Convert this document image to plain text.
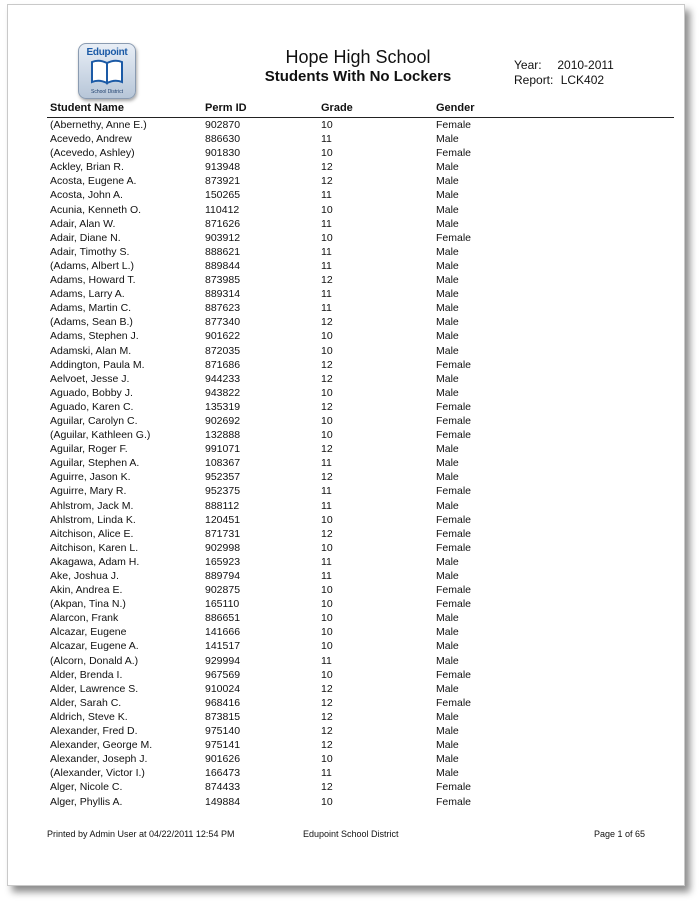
Edupoint
School District
Hope High School
Students With No Lockers
Year: 2010-2011
Report: LCK402
Student Name	Perm ID	Grade	Gender
(Abernethy, Anne E.)	902870	10	Female
Acevedo, Andrew	886630	11	Male
(Acevedo, Ashley)	901830	10	Female
Ackley, Brian R.	913948	12	Male
Acosta, Eugene A.	873921	12	Male
Acosta, John A.	150265	11	Male
Acunia, Kenneth O.	110412	10	Male
Adair, Alan W.	871626	11	Male
Adair, Diane N.	903912	10	Female
Adair, Timothy S.	888621	11	Male
(Adams, Albert L.)	889844	11	Male
Adams, Howard T.	873985	12	Male
Adams, Larry A.	889314	11	Male
Adams, Martin C.	887623	11	Male
(Adams, Sean B.)	877340	12	Male
Adams, Stephen J.	901622	10	Male
Adamski, Alan M.	872035	10	Male
Addington, Paula M.	871686	12	Female
Aelvoet, Jesse J.	944233	12	Male
Aguado, Bobby J.	943822	10	Male
Aguado, Karen C.	135319	12	Female
Aguilar, Carolyn C.	902692	10	Female
(Aguilar, Kathleen G.)	132888	10	Female
Aguilar, Roger F.	991071	12	Male
Aguilar, Stephen A.	108367	11	Male
Aguirre, Jason K.	952357	12	Male
Aguirre, Mary R.	952375	11	Female
Ahlstrom, Jack M.	888112	11	Male
Ahlstrom, Linda K.	120451	10	Female
Aitchison, Alice E.	871731	12	Female
Aitchison, Karen L.	902998	10	Female
Akagawa, Adam H.	165923	11	Male
Ake, Joshua J.	889794	11	Male
Akin, Andrea E.	902875	10	Female
(Akpan, Tina N.)	165110	10	Female
Alarcon, Frank	886651	10	Male
Alcazar, Eugene	141666	10	Male
Alcazar, Eugene A.	141517	10	Male
(Alcorn, Donald A.)	929994	11	Male
Alder, Brenda I.	967569	10	Female
Alder, Lawrence S.	910024	12	Male
Alder, Sarah C.	968416	12	Female
Aldrich, Steve K.	873815	12	Male
Alexander, Fred D.	975140	12	Male
Alexander, George M.	975141	12	Male
Alexander, Joseph J.	901626	10	Male
(Alexander, Victor I.)	166473	11	Male
Alger, Nicole C.	874433	12	Female
Alger, Phyllis A.	149884	10	Female
Printed by Admin User at 04/22/2011 12:54 PM	Edupoint School District	Page 1 of 65
